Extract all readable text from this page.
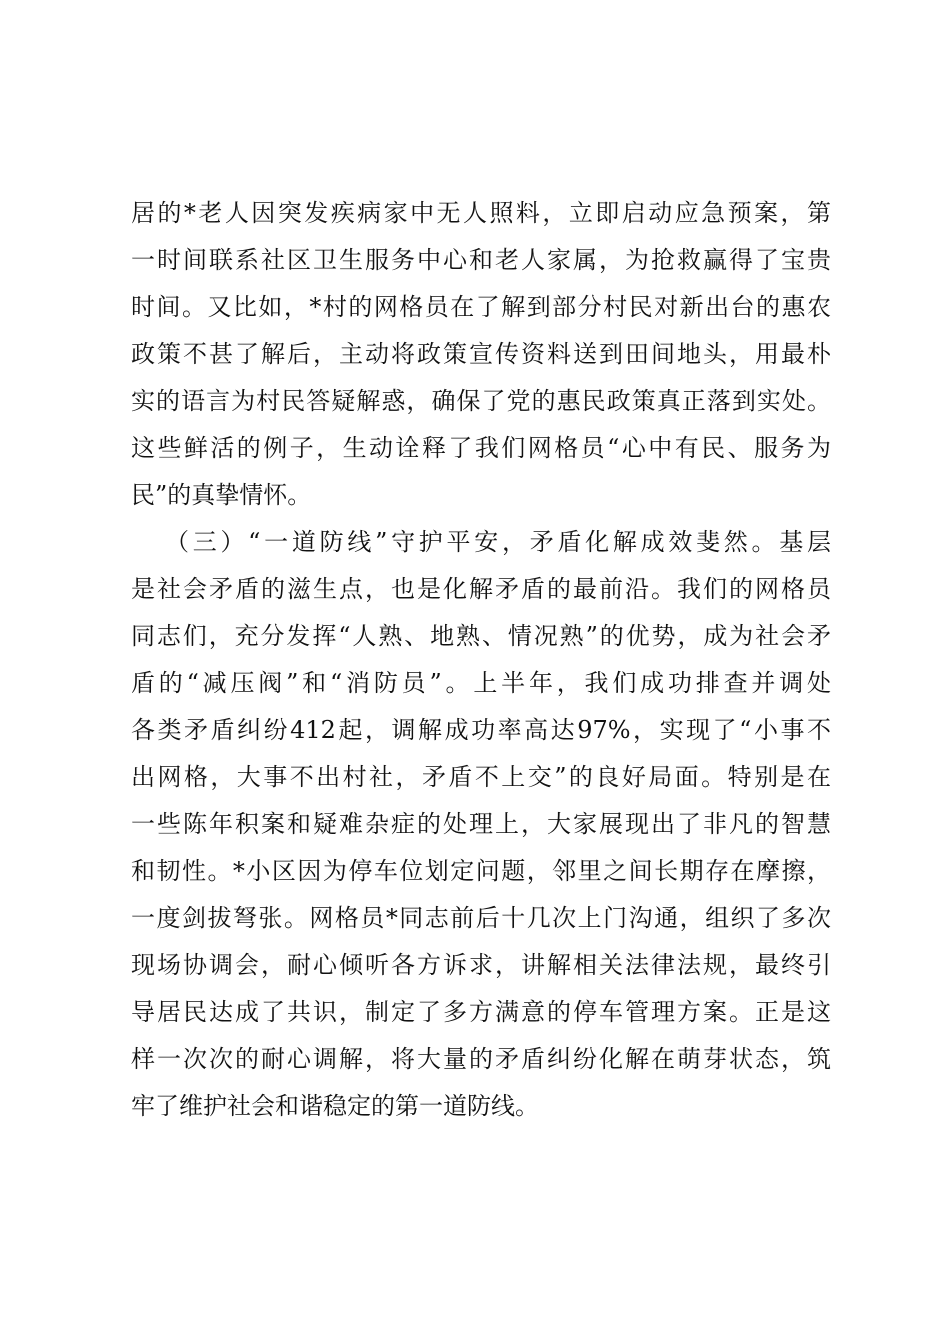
居的*老人因突发疾病家中无人照料，立即启动应急预案，第
一时间联系社区卫生服务中心和老人家属，为抢救赢得了宝贵
时间。又比如，*村的网格员在了解到部分村民对新出台的惠农
政策不甚了解后，主动将政策宣传资料送到田间地头，用最朴
实的语言为村民答疑解惑，确保了党的惠民政策真正落到实处。
这些鲜活的例子，生动诠释了我们网格员“心中有民、服务为
民”的真挚情怀。
（三）“一道防线”守护平安，矛盾化解成效斐然。基层
是社会矛盾的滋生点，也是化解矛盾的最前沿。我们的网格员
同志们，充分发挥“人熟、地熟、情况熟”的优势，成为社会矛
盾的“减压阀”和“消防员”。上半年，我们成功排查并调处
各类矛盾纠纷412起，调解成功率高达97%，实现了“小事不
出网格，大事不出村社，矛盾不上交”的良好局面。特别是在
一些陈年积案和疑难杂症的处理上，大家展现出了非凡的智慧
和韧性。*小区因为停车位划定问题，邻里之间长期存在摩擦，
一度剑拔弩张。网格员*同志前后十几次上门沟通，组织了多次
现场协调会，耐心倾听各方诉求，讲解相关法律法规，最终引
导居民达成了共识，制定了多方满意的停车管理方案。正是这
样一次次的耐心调解，将大量的矛盾纠纷化解在萌芽状态，筑
牢了维护社会和谐稳定的第一道防线。
